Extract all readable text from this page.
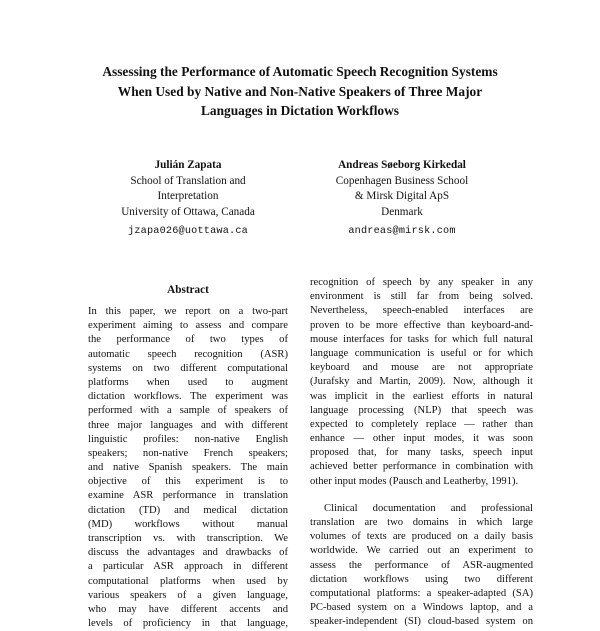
Assessing the Performance of Automatic Speech Recognition Systems
When Used by Native and Non-Native Speakers of Three Major
Languages in Dictation Workflows
Julián Zapata
School of Translation and
Interpretation
University of Ottawa, Canada
jzapa026@uottawa.ca
Andreas Søeborg Kirkedal
Copenhagen Business School
& Mirsk Digital ApS
Denmark
andreas@mirsk.com
Abstract
In this paper, we report on a two-part
experiment aiming to assess and compare
the performance of two types of
automatic speech recognition (ASR)
systems on two different computational
platforms when used to augment
dictation workflows. The experiment was
performed with a sample of speakers of
three major languages and with different
linguistic profiles: non-native English
speakers; non-native French speakers;
and native Spanish speakers. The main
objective of this experiment is to
examine ASR performance in translation
dictation (TD) and medical dictation
(MD) workflows without manual
transcription vs. with transcription. We
discuss the advantages and drawbacks of
a particular ASR approach in different
computational platforms when used by
various speakers of a given language,
who may have different accents and
levels of proficiency in that language,
recognition of speech by any speaker in any
environment is still far from being solved.
Nevertheless, speech-enabled interfaces are
proven to be more effective than keyboard-and-
mouse interfaces for tasks for which full natural
language communication is useful or for which
keyboard and mouse are not appropriate
(Jurafsky and Martin, 2009). Now, although it
was implicit in the earliest efforts in natural
language processing (NLP) that speech was
expected to completely replace — rather than
enhance — other input modes, it was soon
proposed that, for many tasks, speech input
achieved better performance in combination with
other input modes (Pausch and Leatherby, 1991).
Clinical documentation and professional
translation are two domains in which large
volumes of texts are produced on a daily basis
worldwide. We carried out an experiment to
assess the performance of ASR-augmented
dictation workflows using two different
computational platforms: a speaker-adapted (SA)
PC-based system on a Windows laptop, and a
speaker-independent (SI) cloud-based system on
